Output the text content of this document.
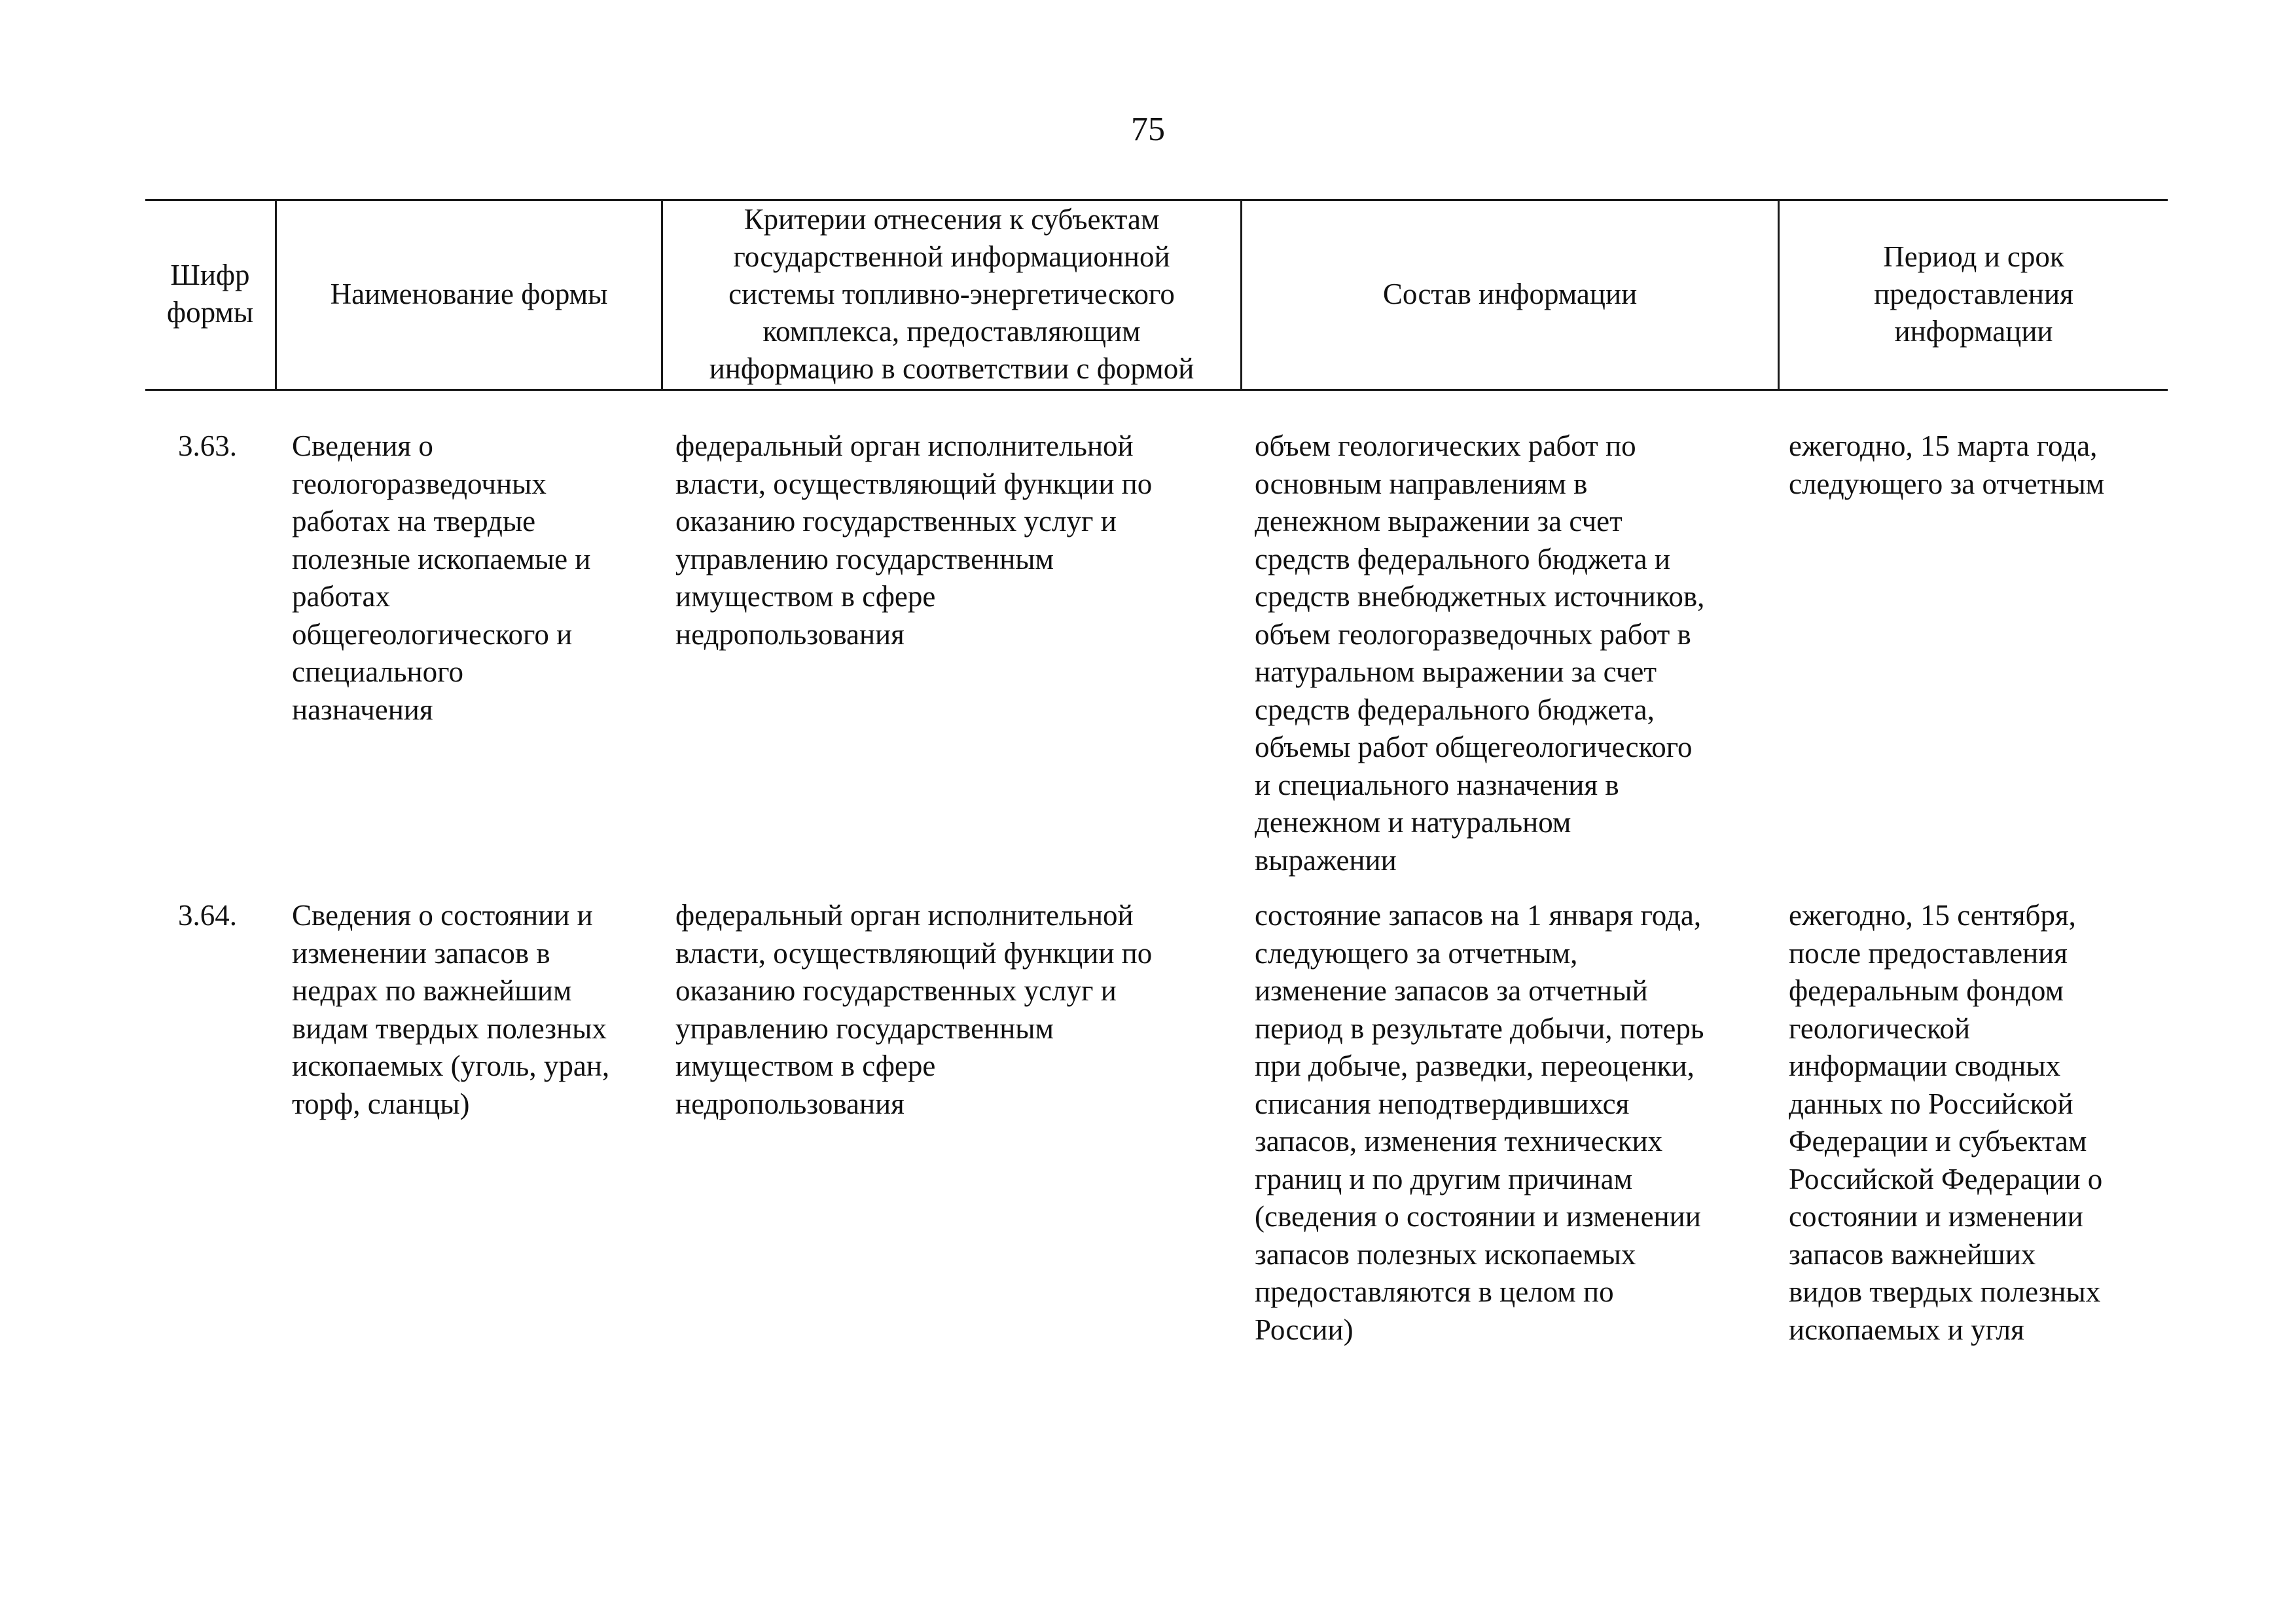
75
Шифр
формы
Наименование формы
Критерии отнесения к субъектам
государственной информационной
системы топливно-энергетического
комплекса, предоставляющим
информацию в соответствии с формой
Состав информации
Период и срок
предоставления
информации
3.63. Сведения о
геологоразведочных
работах на твердые
полезные ископаемые и
работах
общегеологического и
специального
назначения
федеральный орган исполнительной
власти, осуществляющий функции по
оказанию государственных услуг и
управлению государственным
имуществом в сфере
недропользования
объем геологических работ по
основным направлениям в
денежном выражении за счет
средств федерального бюджета и
средств внебюджетных источников,
объем геологоразведочных работ в
натуральном выражении за счет
средств федерального бюджета,
объемы работ общегеологического
и специального назначения в
денежном и натуральном
выражении
ежегодно, 15 марта года,
следующего за отчетным
3.64. Сведения о состоянии и
изменении запасов в
недрах по важнейшим
видам твердых полезных
ископаемых (уголь, уран,
торф, сланцы)
федеральный орган исполнительной
власти, осуществляющий функции по
оказанию государственных услуг и
управлению государственным
имуществом в сфере
недропользования
состояние запасов на 1 января года,
следующего за отчетным,
изменение запасов за отчетный
период в результате добычи, потерь
при добыче, разведки, переоценки,
списания неподтвердившихся
запасов, изменения технических
границ и по другим причинам
(сведения о состоянии и изменении
запасов полезных ископаемых
предоставляются в целом по
России)
ежегодно, 15 сентября,
после предоставления
федеральным фондом
геологической
информации сводных
данных по Российской
Федерации и субъектам
Российской Федерации о
состоянии и изменении
запасов важнейших
видов твердых полезных
ископаемых и угля
